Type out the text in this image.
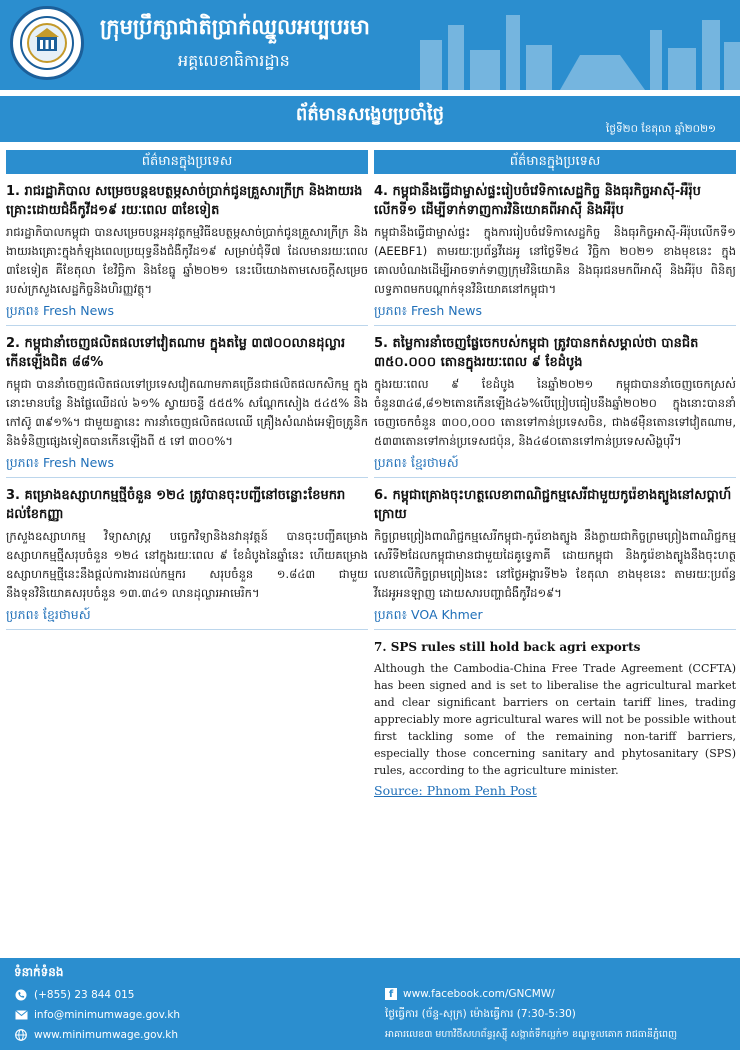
ក្រុមប្រឹក្សាជាតិប្រាក់ឈ្នួលអប្បបរមា
អគ្គលេខាធិការដ្ឋាន
ព័ត៌មានសង្ខេបប្រចាំថ្ងៃ
ថ្ងៃទី២០ ខែតុលា ឆ្នាំ២០២១
ព័ត៌មានក្នុងប្រទេស
1. រាជរដ្ឋាភិបាល សម្រេចបន្តឧបត្ថម្ភសាច់ប្រាក់ជូនគ្រួសារក្រីក្រ និងងាយរងគ្រោះដោយជំងឺកូវីដ១៩ រយៈពេល ៣ខែទៀត
រាជរដ្ឋាភិបាលកម្ពុជា បានសម្រេចបន្តអនុវត្តកម្មវិធីឧបត្ថម្ភសាច់ប្រាក់ជូនគ្រួសារក្រីក្រ និងងាយរងគ្រោះក្នុងកំឡុងពេលប្រយុទ្ធនឹងជំងឺកូវីដ១៩ សម្រាប់ជុំទី៧ ដែលមានរយៈពេល ៣ខែទៀត គឺខែតុលា ខែវិច្ឆិកា និងខែធ្នូ ឆ្នាំ២០២១ នេះបើយោងតាមសេចក្តីសម្រេចរបស់ក្រសួងសេដ្ឋកិច្ចនិងហិរញ្ញវត្ថុ។
ប្រភព៖ Fresh News
2. កម្ពុជានាំចេញផលិតផលទៅវៀតណាម ក្នុងតម្លៃ ៣៧០០លានដុល្លារ កើនឡើងជិត ៨៨%
កម្ពុជា បាននាំចេញផលិតផលទៅប្រទេសវៀតណាមភាគច្រើនជាផលិតផលកសិកម្ម ក្នុងនោះមានបន្លែ និងផ្លែឈើដល់ ៦១% ស្វាយចន្ទី ៥៥៥% សណ្តែកសៀង ៥៤៥% និងកៅស៊ូ ៣៩១%។ ជាមួយគ្នានេះ ការនាំចេញផលិតផលឈើ គ្រឿងសំណង់អេឡិចត្រូនិក និងទំនិញផ្សេងទៀតបានកើនឡើងពី ៥ ទៅ ៣០០%។
ប្រភព៖ Fresh News
3. គម្រោងឧស្សាហកម្មថ្មីចំនួន ១២៤ ត្រូវបានចុះបញ្ជីនៅចន្លោះខែមករា ដល់ខែកញ្ញា
ក្រសួងឧស្សាហកម្ម វិទ្យាសាស្ត្រ បច្ចេកវិទ្យានិងនវានុវត្តន៍ បានចុះបញ្ជីគម្រោងឧស្សាហកម្មថ្មីសរុបចំនួន ១២៤ នៅក្នុងរយៈពេល ៩ ខែដំបូងនៃឆ្នាំនេះ ហើយគម្រោងឧស្សាហកម្មថ្មីនេះនឹងផ្តល់ការងារដល់កម្មករ សរុបចំនួន ១.៨៤៣ ជាមួយនឹងទុនវិនិយោគសរុបចំនួន ១៣.៣៤១ លានដុល្លារអាមេរិក។
ប្រភព៖ ខ្មែរថាមស៍
ព័ត៌មានក្នុងប្រទេស
4. កម្ពុជានឹងធ្វើជាម្ចាស់ផ្ទះរៀបចំវេទិកាសេដ្ឋកិច្ច និងធុរកិច្ចអាស៊ី-អឺរ៉ុបលើកទី១ ដើម្បីទាក់ទាញការវិនិយោគពីអាស៊ី និងអឺរ៉ុប
កម្ពុជានឹងធ្វើជាម្ចាស់ផ្ទះ ក្នុងការរៀបចំវេទិកាសេដ្ឋកិច្ច និងធុរកិច្ចអាស៊ី-អឺរ៉ុបលើកទី១ (AEEBF1) តាមរយៈប្រព័ន្ធវីដេអូ នៅថ្ងៃទី២៤ វិច្ឆិកា ២០២១ ខាងមុខនេះ ក្នុងគោលបំណងដើម្បីអាចទាក់ទាញក្រុមវិនិយោគិន និងធុរជនមកពីអាស៊ី និងអឺរ៉ុប ពិនិត្យលទ្ធភាពមកបណ្តាក់ទុនវិនិយោគនៅកម្ពុជា។
ប្រភព៖ Fresh News
5. តម្លៃការនាំចេញផ្លែចេកបស់កម្ពុជា ត្រូវបានកត់សម្គាល់ថា បានជិត ៣៥០.០០០ តោនក្នុងរយៈពេល ៩ ខែដំបូង
ក្នុងរយៈពេល ៩ ខែដំបូង នៃឆ្នាំ២០២១ កម្ពុជាបាននាំចេញចេកស្រស់ចំនួន៣៤៨,៨១២តោនកើនឡើង៤៦%បើប្រៀបធៀបនឹងឆ្នាំ២០២០ ក្នុងនោះបាននាំចេញចេកចំនួន ៣០០,០០០ តោនទៅកាន់ប្រទេសចិន, ជាង៨ម៉ឺនតោនទៅវៀតណាម, ៥៣៣តោនទៅកាន់ប្រទេសជប៉ុន, និង៤៨០តោនទៅកាន់ប្រទេសសិង្ហបុរី។
ប្រភព៖ ខ្មែរថាមស៍
6. កម្ពុជាគ្រោងចុះហត្ថលេខាពាណិជ្ជកម្មសេរីជាមួយកូរ៉េខាងត្បូងនៅសប្តាហ៍ក្រោយ
កិច្ចព្រមព្រៀងពាណិជ្ជកម្មសេរីកម្ពុជា-កូរ៉េខាងត្បូង នឹងក្លាយជាកិច្ចព្រមព្រៀងពាណិជ្ជកម្មសេរីទី២ដែលកម្ពុជាមានជាមួយដៃគូទ្វេភាគី ដោយកម្ពុជា និងកូរ៉េខាងត្បូងនឹងចុះហត្ថលេខាលើកិច្ចព្រមព្រៀងនេះ នៅថ្ងៃអង្គារទី២៦ ខែតុលា ខាងមុខនេះ តាមរយៈប្រព័ន្ធវីដេអូអនឡាញ ដោយសារបញ្ហាជំងឺកូវីដ១៩។
ប្រភព៖ VOA Khmer
7. SPS rules still hold back agri exports
Although the Cambodia-China Free Trade Agreement (CCFTA) has been signed and is set to liberalise the agricultural market and clear significant barriers on certain tariff lines, trading appreciably more agricultural wares will not be possible without first tackling some of the remaining non-tariff barriers, especially those concerning sanitary and phytosanitary (SPS) rules, according to the agriculture minister.
Source: Phnom Penh Post
ទំនាក់ទំនង
(+855) 23 844 015
info@minimumwage.gov.kh
www.minimumwage.gov.kh
f www.facebook.com/GNCMW/
ថ្ងៃធ្វើការ (ច័ន្ទ-សុក្រ) ម៉ោងធ្វើការ (7:30-5:30)
អាគារលេខ៣ មហាវិថីសហព័ន្ធរុស្ស៊ី សង្កាត់ទឹកល្អក់១ ខណ្ឌទួលគោក រាជធានីភ្នំពេញ
